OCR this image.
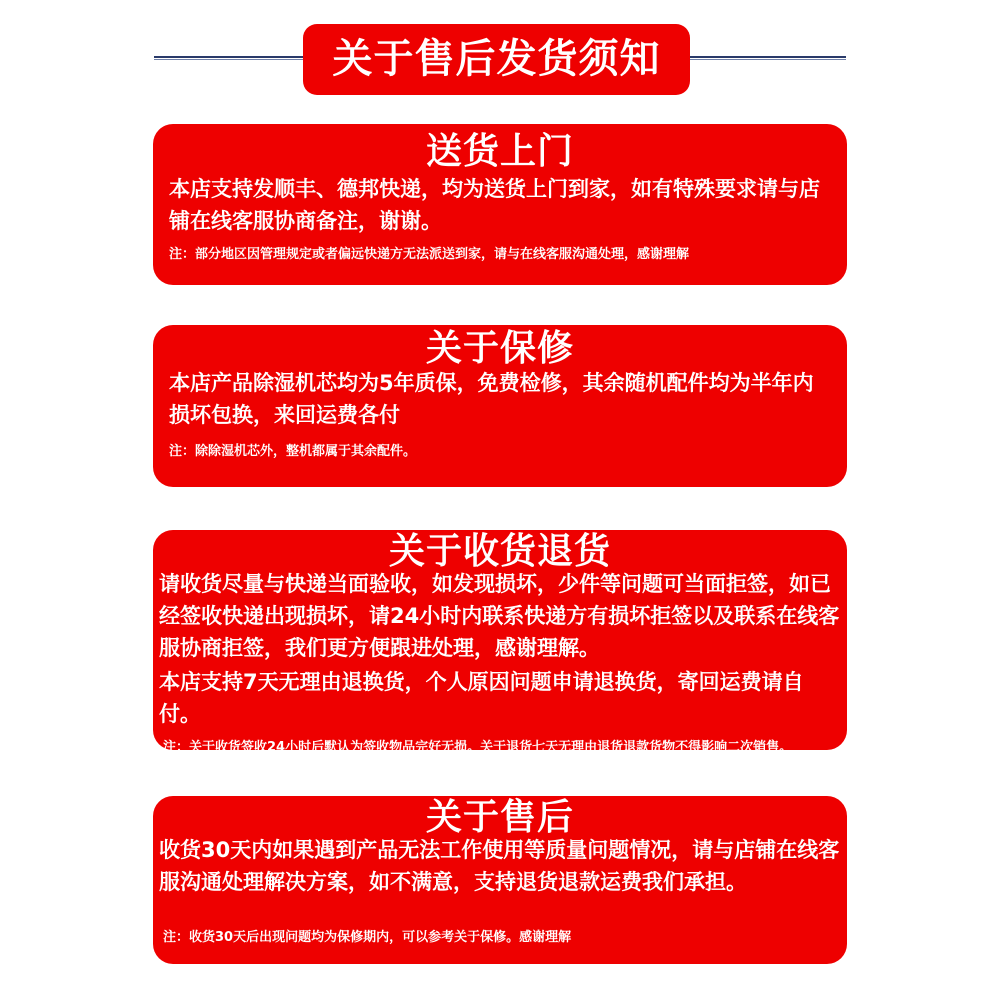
关于售后发货须知
送货上门
本店支持发顺丰、德邦快递，均为送货上门到家，如有特殊要求请与店铺在线客服协商备注，谢谢。
注：部分地区因管理规定或者偏远快递方无法派送到家，请与在线客服沟通处理，感谢理解
关于保修
本店产品除湿机芯均为5年质保，免费检修，其余随机配件均为半年内损坏包换，来回运费各付
注：除除湿机芯外，整机都属于其余配件。
关于收货退货
请收货尽量与快递当面验收，如发现损坏，少件等问题可当面拒签，如已经签收快递出现损坏，请24小时内联系快递方有损坏拒签以及联系在线客服协商拒签，我们更方便跟进处理，感谢理解。
本店支持7天无理由退换货，个人原因问题申请退换货，寄回运费请自付。
注：关于收货签收24小时后默认为签收物品完好无损。关于退货七天无理由退货退款货物不得影响二次销售。
关于售后
收货30天内如果遇到产品无法工作使用等质量问题情况，请与店铺在线客服沟通处理解决方案，如不满意，支持退货退款运费我们承担。
注：收货30天后出现问题均为保修期内，可以参考关于保修。感谢理解
